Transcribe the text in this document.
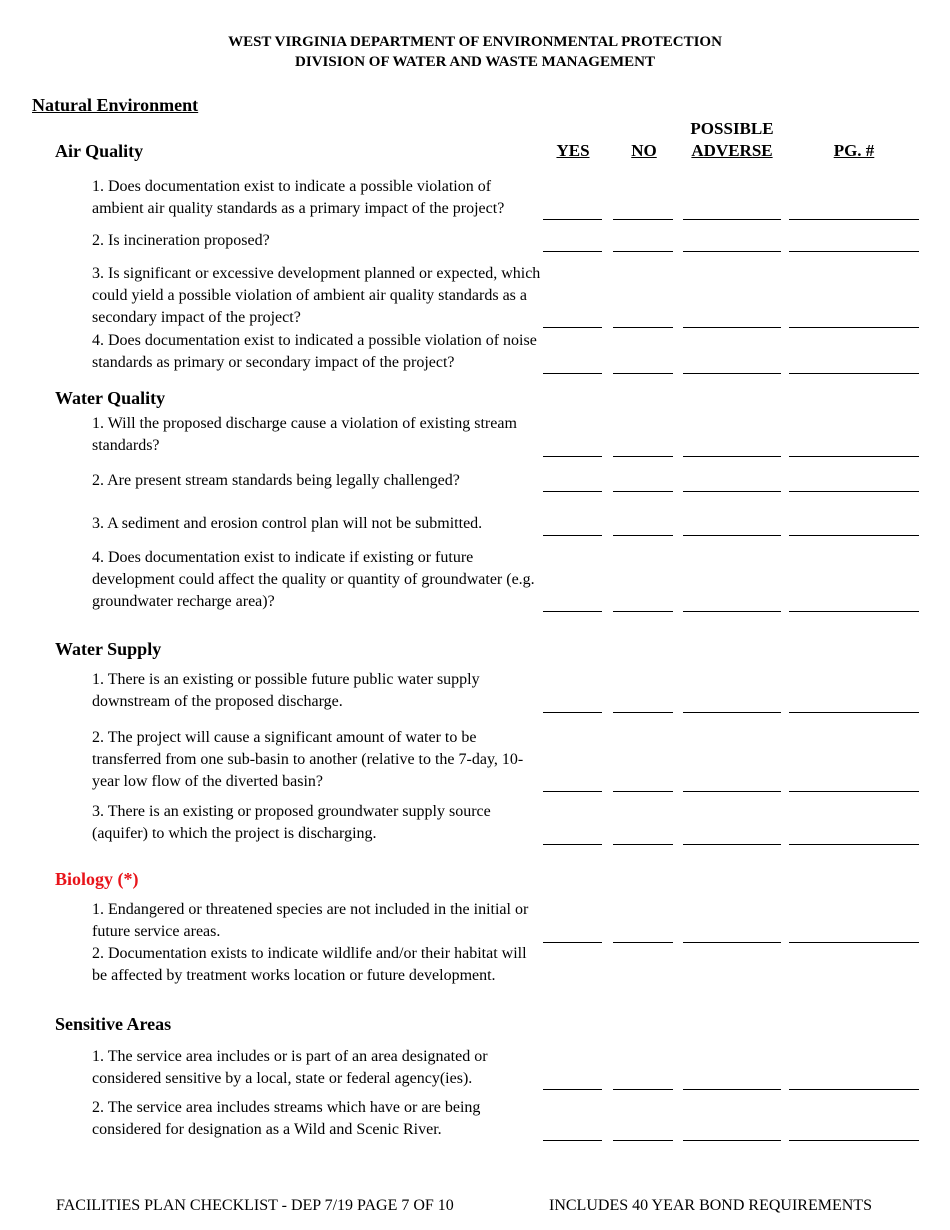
WEST VIRGINIA DEPARTMENT OF ENVIRONMENTAL PROTECTION
DIVISION OF WATER AND WASTE MANAGEMENT
Natural Environment
YES	NO
POSSIBLE
ADVERSE	PG. #
Air Quality
1. Does documentation exist to indicate a possible violation of ambient air quality standards as a primary impact of the project?
2. Is incineration proposed?
3. Is significant or excessive development planned or expected, which could yield a possible violation of ambient air quality standards as a secondary impact of the project?
4. Does documentation exist to indicated a possible violation of noise standards as primary or secondary impact of the project?
Water Quality
1. Will the proposed discharge cause a violation of existing stream standards?
2. Are present stream standards being legally challenged?
3. A sediment and erosion control plan will not be submitted.
4. Does documentation exist to indicate if existing or future development could affect the quality or quantity of groundwater (e.g. groundwater recharge area)?
Water Supply
1. There is an existing or possible future public water supply downstream of the proposed discharge.
2. The project will cause a significant amount of water to be transferred from one sub-basin to another (relative to the 7-day, 10-year low flow of the diverted basin?
3. There is an existing or proposed groundwater supply source (aquifer) to which the project is discharging.
Biology (*)
1. Endangered or threatened species are not included in the initial or future service areas.
2. Documentation exists to indicate wildlife and/or their habitat will be affected by treatment works location or future development.
Sensitive Areas
1. The service area includes or is part of an area designated or considered sensitive by a local, state or federal agency(ies).
2. The service area includes streams which have or are being considered for designation as a Wild and Scenic River.
FACILITIES PLAN CHECKLIST - DEP 7/19 PAGE 7 OF 10	INCLUDES 40 YEAR BOND REQUIREMENTS
